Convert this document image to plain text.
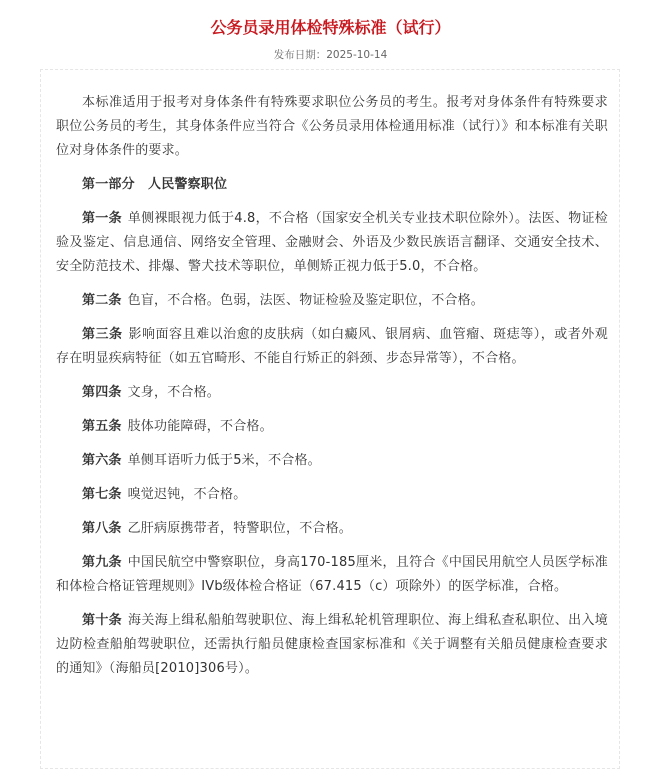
公务员录用体检特殊标准（试行）
发布日期：2025-10-14

本标准适用于报考对身体条件有特殊要求职位公务员的考生。报考对身体条件有特殊要求职位公务员的考生，其身体条件应当符合《公务员录用体检通用标准（试行）》和本标准有关职位对身体条件的要求。

第一部分　人民警察职位

第一条 单侧裸眼视力低于4.8，不合格（国家安全机关专业技术职位除外）。法医、物证检验及鉴定、信息通信、网络安全管理、金融财会、外语及少数民族语言翻译、交通安全技术、安全防范技术、排爆、警犬技术等职位，单侧矫正视力低于5.0，不合格。

第二条 色盲，不合格。色弱，法医、物证检验及鉴定职位，不合格。

第三条 影响面容且难以治愈的皮肤病（如白癜风、银屑病、血管瘤、斑痣等），或者外观存在明显疾病特征（如五官畸形、不能自行矫正的斜颈、步态异常等），不合格。

第四条 文身，不合格。

第五条 肢体功能障碍，不合格。

第六条 单侧耳语听力低于5米，不合格。

第七条 嗅觉迟钝，不合格。

第八条 乙肝病原携带者，特警职位，不合格。

第九条 中国民航空中警察职位，身高170-185厘米，且符合《中国民用航空人员医学标准和体检合格证管理规则》IVb级体检合格证（67.415（c）项除外）的医学标准，合格。

第十条 海关海上缉私船舶驾驶职位、海上缉私轮机管理职位、海上缉私查私职位、出入境边防检查船舶驾驶职位，还需执行船员健康检查国家标准和《关于调整有关船员健康检查要求的通知》（海船员[2010]306号）。
